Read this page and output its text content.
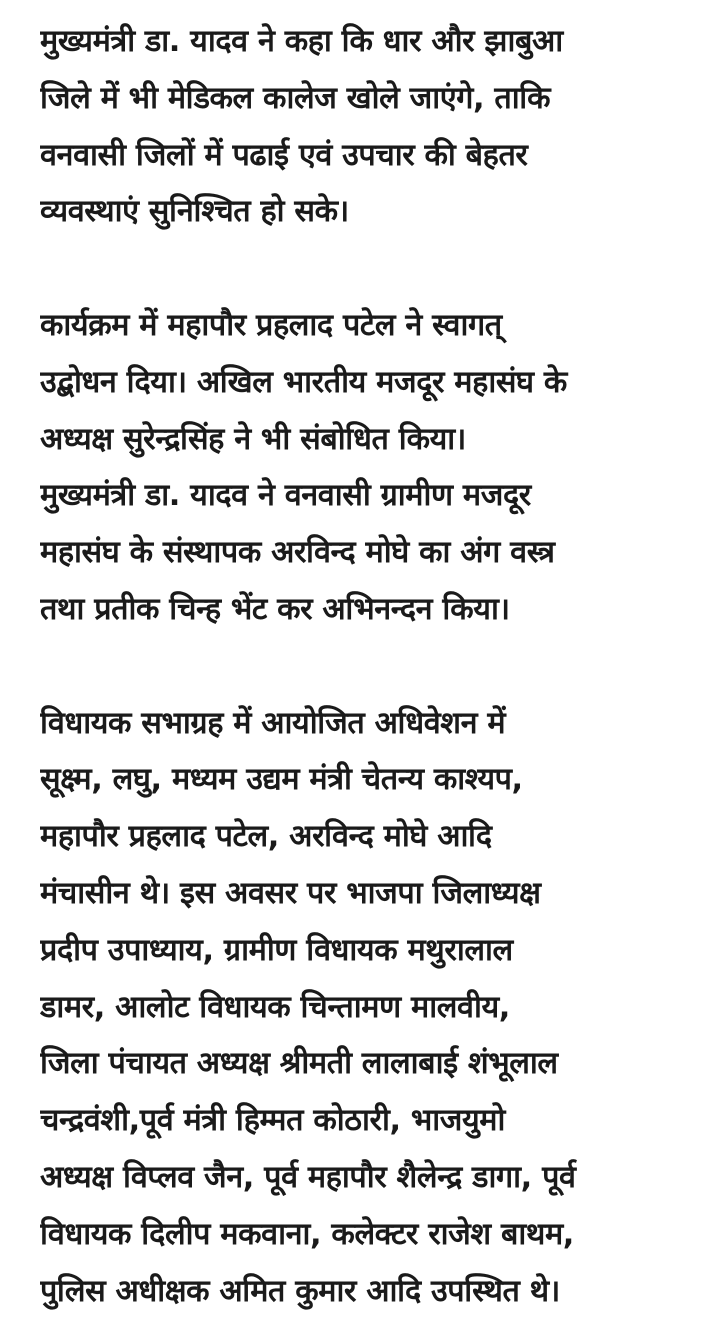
मुख्यमंत्री डा. यादव ने कहा कि धार और झाबुआ
जिले में भी मेडिकल कालेज खोले जाएंगे, ताकि
वनवासी जिलों में पढाई एवं उपचार की बेहतर
व्यवस्थाएं सुनिश्चित हो सके।

कार्यक्रम में महापौर प्रहलाद पटेल ने स्वागत्
उद्बोधन दिया। अखिल भारतीय मजदूर महासंघ के
अध्यक्ष सुरेन्द्रसिंह ने भी संबोधित किया।
मुख्यमंत्री डा. यादव ने वनवासी ग्रामीण मजदूर
महासंघ के संस्थापक अरविन्द मोघे का अंग वस्त्र
तथा प्रतीक चिन्ह भेंट कर अभिनन्दन किया।

विधायक सभाग्रह में आयोजित अधिवेशन में
सूक्ष्म, लघु, मध्यम उद्यम मंत्री चेतन्य काश्यप,
महापौर प्रहलाद पटेल, अरविन्द मोघे आदि
मंचासीन थे। इस अवसर पर भाजपा जिलाध्यक्ष
प्रदीप उपाध्याय, ग्रामीण विधायक मथुरालाल
डामर, आलोट विधायक चिन्तामण मालवीय,
जिला पंचायत अध्यक्ष श्रीमती लालाबाई शंभूलाल
चन्द्रवंशी,पूर्व मंत्री हिम्मत कोठारी, भाजयुमो
अध्यक्ष विप्लव जैन, पूर्व महापौर शैलेन्द्र डागा, पूर्व
विधायक दिलीप मकवाना, कलेक्टर राजेश बाथम,
पुलिस अधीक्षक अमित कुमार आदि उपस्थित थे।
